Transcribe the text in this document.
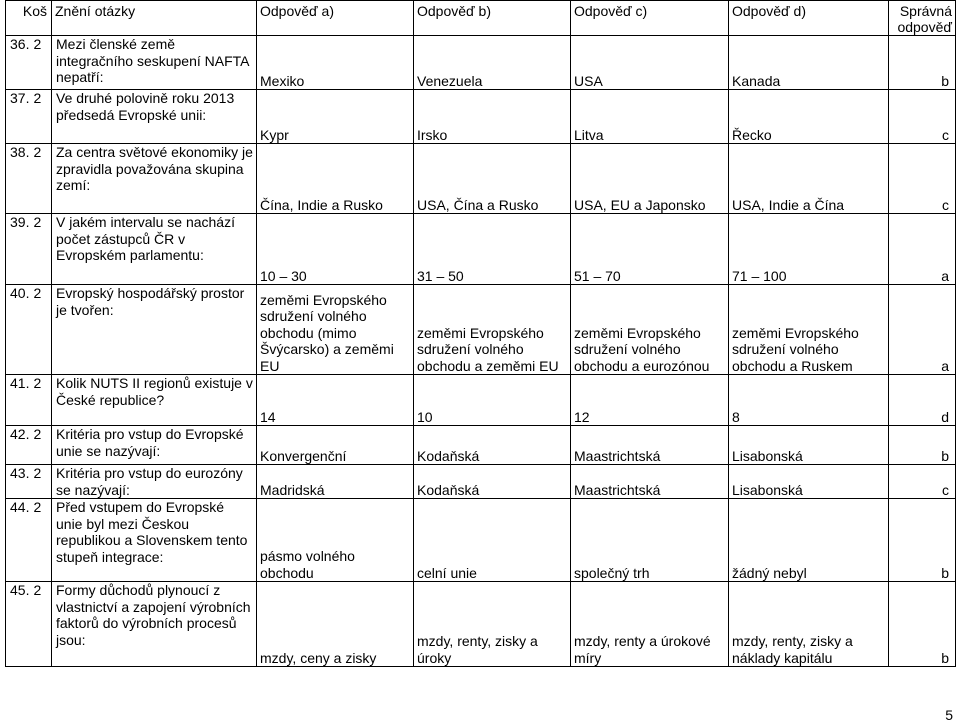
Koš		Znění otázky	Odpověď a)	Odpověď b)	Odpověď c)	Odpověď d)	Správná odpověď
36.	2	Mezi členské země integračního seskupení NAFTA nepatří:	Mexiko	Venezuela	USA	Kanada	b
37.	2	Ve druhé polovině roku 2013 předsedá Evropské unii:	Kypr	Irsko	Litva	Řecko	c
38.	2	Za centra světové ekonomiky je zpravidla považována skupina zemí:	Čína, Indie a Rusko	USA, Čína a Rusko	USA, EU a Japonsko	USA, Indie a Čína	c
39.	2	V jakém intervalu se nachází počet zástupců ČR v Evropském parlamentu:	10 – 30	31 – 50	51 – 70	71 – 100	a
40.	2	Evropský hospodářský prostor je tvořen:	zeměmi Evropského sdružení volného obchodu (mimo Švýcarsko) a zeměmi EU	zeměmi Evropského sdružení volného obchodu a zeměmi EU	zeměmi Evropského sdružení volného obchodu a eurozónou	zeměmi Evropského sdružení volného obchodu a Ruskem	a
41.	2	Kolik NUTS II regionů existuje v České republice?	14	10	12	8	d
42.	2	Kritéria pro vstup do Evropské unie se nazývají:	Konvergenční	Kodaňská	Maastrichtská	Lisabonská	b
43.	2	Kritéria pro vstup do eurozóny se nazývají:	Madridská	Kodaňská	Maastrichtská	Lisabonská	c
44.	2	Před vstupem do Evropské unie byl mezi Českou republikou a Slovenskem tento stupeň integrace:	pásmo volného obchodu	celní unie	společný trh	žádný nebyl	b
45.	2	Formy důchodů plynoucí z vlastnictví a zapojení výrobních faktorů do výrobních procesů jsou:	mzdy, ceny a zisky	mzdy, renty, zisky a úroky	mzdy, renty a úrokové míry	mzdy, renty, zisky a náklady kapitálu	b
5
